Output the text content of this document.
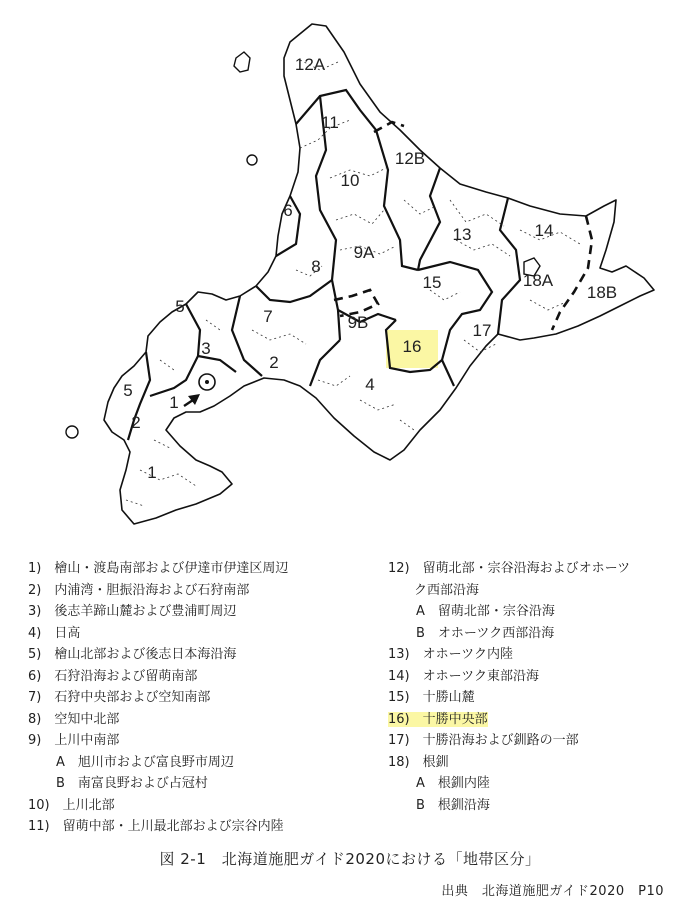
12A
11
12B
10
6
9A
8
13	14
18A
18B
15
9B
7
5
3
2
16
17
4
5
1
2
1
1)　檜山・渡島南部および伊達市伊達区周辺
2)　内浦湾・胆振沿海および石狩南部
3)　後志羊蹄山麓および豊浦町周辺
4)　日高
5)　檜山北部および後志日本海沿海
6)　石狩沿海および留萌南部
7)　石狩中央部および空知南部
8)　空知中北部
9)　上川中南部
A　旭川市および富良野市周辺
B　南富良野および占冠村
10)　上川北部
11)　留萌中部・上川最北部および宗谷内陸
12)　留萌北部・宗谷沿海およびオホーツ
ク西部沿海
A　留萌北部・宗谷沿海
B　オホーツク西部沿海
13)　オホーツク内陸
14)　オホーツク東部沿海
15)　十勝山麓
16)　十勝中央部
17)　十勝沿海および釧路の一部
18)　根釧
A　根釧内陸
B　根釧沿海
図 2-1　北海道施肥ガイド2020における「地帯区分」
出典　北海道施肥ガイド2020　P10
